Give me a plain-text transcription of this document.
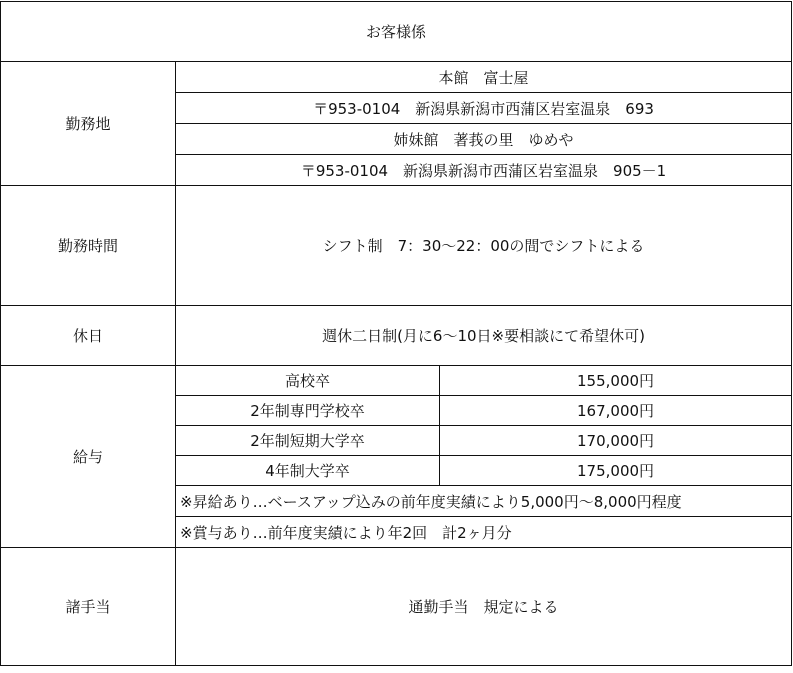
お客様係		
勤務地	本館　富士屋	
	〒953-0104　新潟県新潟市西蒲区岩室温泉　693	
	姉妹館　著莪の里　ゆめや	
	〒953-0104　新潟県新潟市西蒲区岩室温泉　905－1	
勤務時間	シフト制　7：30～22：00の間でシフトによる	
休日	週休二日制(月に6～10日※要相談にて希望休可)	
給与	高校卒	155,000円
	2年制専門学校卒	167,000円
	2年制短期大学卒	170,000円
	4年制大学卒	175,000円
	※昇給あり…ベースアップ込みの前年度実績により5,000円～8,000円程度	
	※賞与あり…前年度実績により年2回　計2ヶ月分	
諸手当	通勤手当　規定による	
